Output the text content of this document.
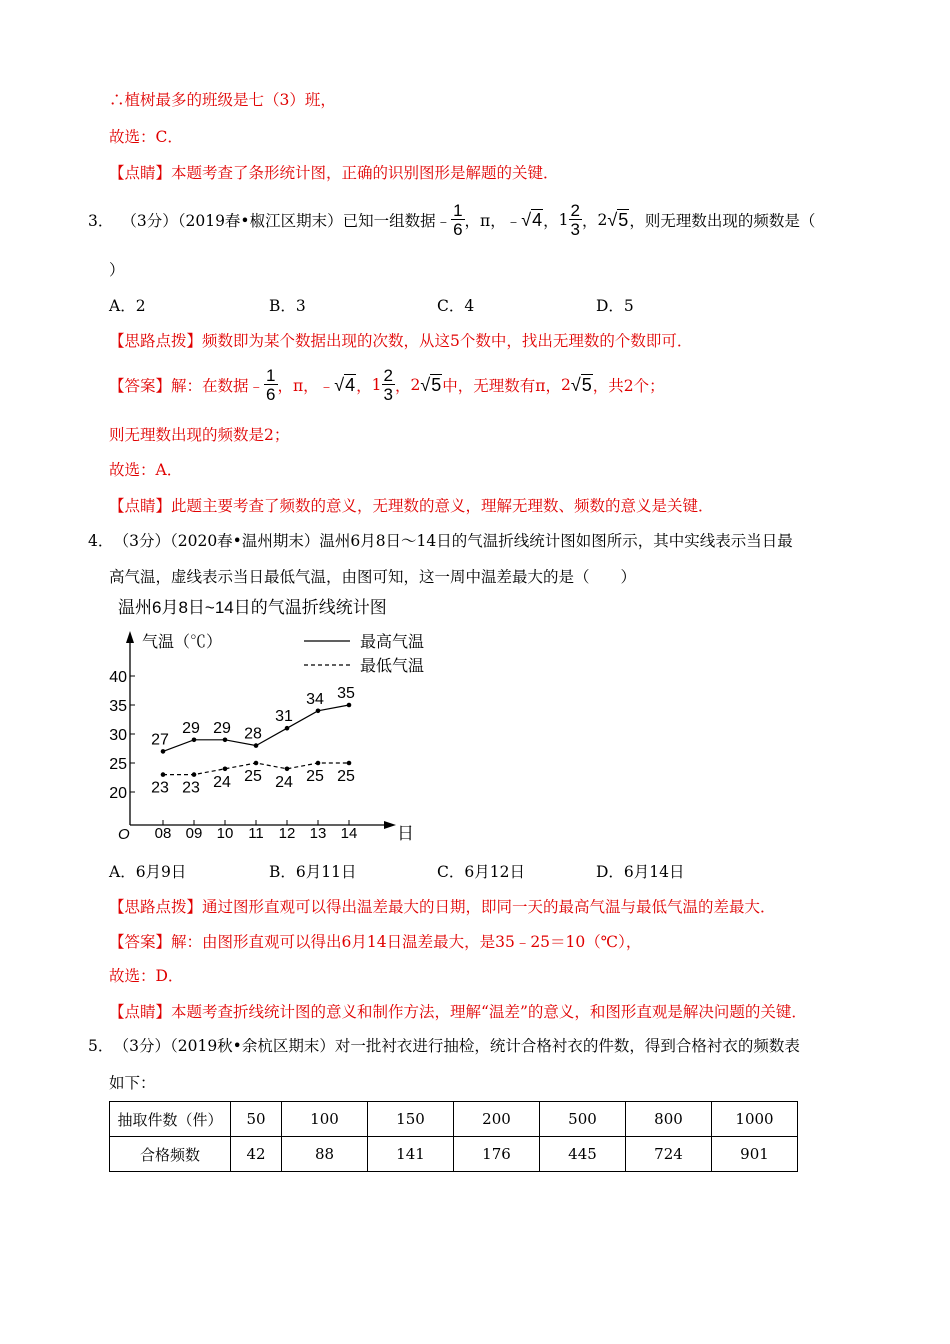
∴植树最多的班级是七（3）班，
故选：C．
【点睛】本题考查了条形统计图，正确的识别图形是解题的关键．
3． （3分）（2019春•椒江区期末）已知一组数据﹣ $\frac{1}{6}$ ，π， ﹣ √4 ， $1 \frac{2}{3}$ ， 2 √5 ，则无理数出现的频数是（
）
A．2	B．3	C．4	D．5
【思路点拨】频数即为某个数据出现的次数，从这5个数中，找出无理数的个数即可．
【答案】 解：在数据﹣ $\frac{1}{6}$ ，π， ﹣ √4 ， $1 \frac{2}{3}$ ， 2 √5 中，无理数有π， 2 √5 ，共2个；
则无理数出现的频数是2；
故选：A．
【点睛】此题主要考查了频数的意义，无理数的意义，理解无理数、频数的意义是关键．
4． （3分）（2020春•温州期末）温州6月8日～14日的气温折线统计图如图所示，其中实线表示当日最
高气温，虚线表示当日最低气温，由图可知，这一周中温差最大的是（　　）
温州6月8日~14日的气温折线统计图
气温（℃）
日
O
最高气温
最低气温
20
25
30
35
40
08 09 10 11 12 13 14
27
29 29 28
31
34 35
23 23 24 25 24 25 25
A．6月9日	B．6月11日	C．6月12日	D．6月14日
【思路点拨】通过图形直观可以得出温差最大的日期，即同一天的最高气温与最低气温的差最大．
【答案】解：由图形直观可以得出6月14日温差最大，是35﹣25＝10（℃），
故选：D．
【点睛】本题考查折线统计图的意义和制作方法，理解“温差”的意义，和图形直观是解决问题的关键．
5． （3分）（2019秋•余杭区期末）对一批衬衣进行抽检，统计合格衬衣的件数，得到合格衬衣的频数表
如下：
抽取件数（件）	50	100	150	200	500	800	1000
合格频数	42	88	141	176	445	724	901
